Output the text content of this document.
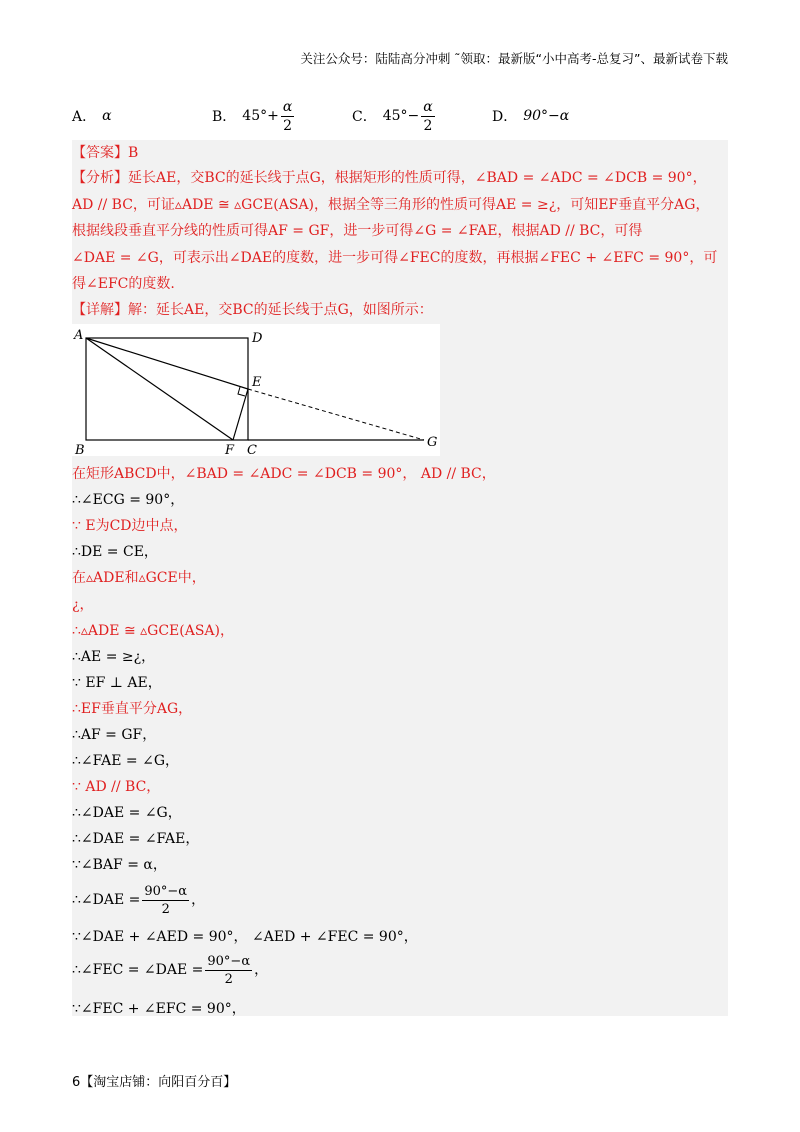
关注公众号：陆陆高分冲刺 ˜领取：最新版“小中高考-总复习”、最新试卷下载
A． α	B． $45^\circ+ \frac{\alpha}{2}$	C． $45^\circ- \frac{\alpha}{2}$	D． 90°−α
【答案】B
【分析】延长AE，交BC的延长线于点G，根据矩形的性质可得，∠BAD = ∠ADC = ∠DCB = 90°，
AD // BC，可证▵ADE ≅ ▵GCE(ASA)，根据全等三角形的性质可得AE = ≥¿，可知EF垂直平分AG，
根据线段垂直平分线的性质可得AF = GF，进一步可得∠G = ∠FAE，根据AD // BC，可得
∠DAE = ∠G，可表示出∠DAE的度数，进一步可得∠FEC的度数，再根据∠FEC + ∠EFC = 90°，可
得∠EFC的度数.
【详解】解：延长AE，交BC的延长线于点G，如图所示：
A	D
E
B	F C
G
在矩形ABCD中，∠BAD = ∠ADC = ∠DCB = 90°， AD // BC，
∴∠ECG = 90°，
∵ E为CD边中点，
∴DE = CE，
在▵ADE和▵GCE中，
¿，
∴▵ADE ≅ ▵GCE(ASA)，
∴AE = ≥¿，
∵ EF ⊥ AE，
∴EF垂直平分AG，
∴AF = GF，
∴∠FAE = ∠G，
∵ AD // BC，
∴∠DAE = ∠G，
∴∠DAE = ∠FAE，
∵∠BAF = α，
∴∠DAE = $\frac{90^\circ-\alpha}{2}$ ，
∵∠DAE + ∠AED = 90°， ∠AED + ∠FEC = 90°，
∴∠FEC = ∠DAE = $\frac{90^\circ-\alpha}{2}$ ，
∵∠FEC + ∠EFC = 90°，
6【淘宝店铺：向阳百分百】
